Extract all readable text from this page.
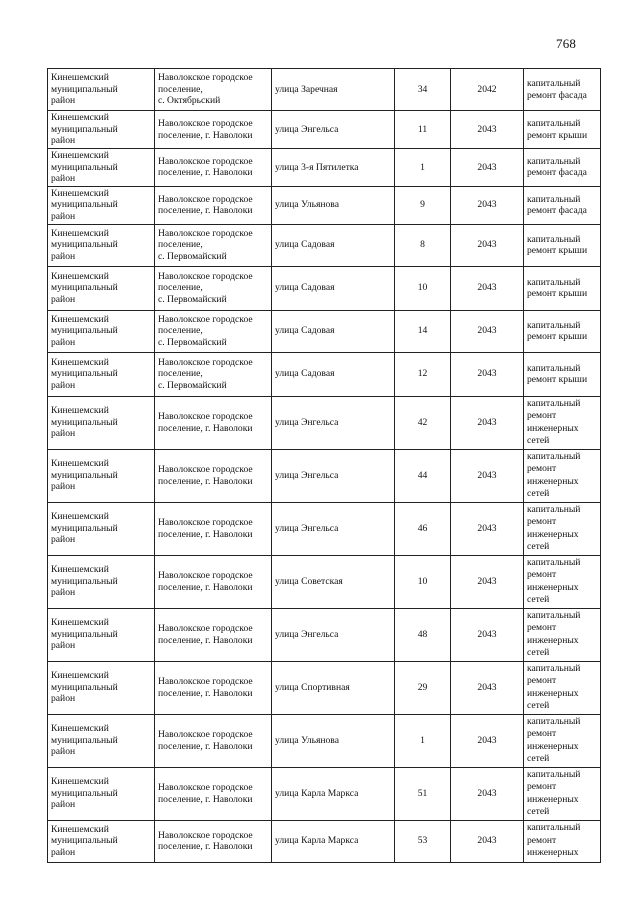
768
Кинешемский
муниципальный
район	Наволокское городское
поселение,
с. Октябрьский	улица Заречная	34	2042	капитальный
ремонт фасада

Кинешемский
муниципальный
район	Наволокское городское
поселение, г. Наволоки	улица Энгельса	11	2043	капитальный
ремонт крыши

Кинешемский
муниципальный
район	Наволокское городское
поселение, г. Наволоки	улица 3-я Пятилетка	1	2043	капитальный
ремонт фасада

Кинешемский
муниципальный
район	Наволокское городское
поселение, г. Наволоки	улица Ульянова	9	2043	капитальный
ремонт фасада

Кинешемский
муниципальный
район	Наволокское городское
поселение,
с. Первомайский	улица Садовая	8	2043	капитальный
ремонт крыши

Кинешемский
муниципальный
район	Наволокское городское
поселение,
с. Первомайский	улица Садовая	10	2043	капитальный
ремонт крыши

Кинешемский
муниципальный
район	Наволокское городское
поселение,
с. Первомайский	улица Садовая	14	2043	капитальный
ремонт крыши

Кинешемский
муниципальный
район	Наволокское городское
поселение,
с. Первомайский	улица Садовая	12	2043	капитальный
ремонт крыши

Кинешемский
муниципальный
район	Наволокское городское
поселение, г. Наволоки	улица Энгельса	42	2043	капитальный
ремонт
инженерных
сетей

Кинешемский
муниципальный
район	Наволокское городское
поселение, г. Наволоки	улица Энгельса	44	2043	капитальный
ремонт
инженерных
сетей

Кинешемский
муниципальный
район	Наволокское городское
поселение, г. Наволоки	улица Энгельса	46	2043	капитальный
ремонт
инженерных
сетей

Кинешемский
муниципальный
район	Наволокское городское
поселение, г. Наволоки	улица Советская	10	2043	капитальный
ремонт
инженерных
сетей

Кинешемский
муниципальный
район	Наволокское городское
поселение, г. Наволоки	улица Энгельса	48	2043	капитальный
ремонт
инженерных
сетей

Кинешемский
муниципальный
район	Наволокское городское
поселение, г. Наволоки	улица Спортивная	29	2043	капитальный
ремонт
инженерных
сетей

Кинешемский
муниципальный
район	Наволокское городское
поселение, г. Наволоки	улица Ульянова	1	2043	капитальный
ремонт
инженерных
сетей

Кинешемский
муниципальный
район	Наволокское городское
поселение, г. Наволоки	улица Карла Маркса	51	2043	капитальный
ремонт
инженерных
сетей

Кинешемский
муниципальный
район	Наволокское городское
поселение, г. Наволоки	улица Карла Маркса	53	2043	капитальный
ремонт
инженерных
